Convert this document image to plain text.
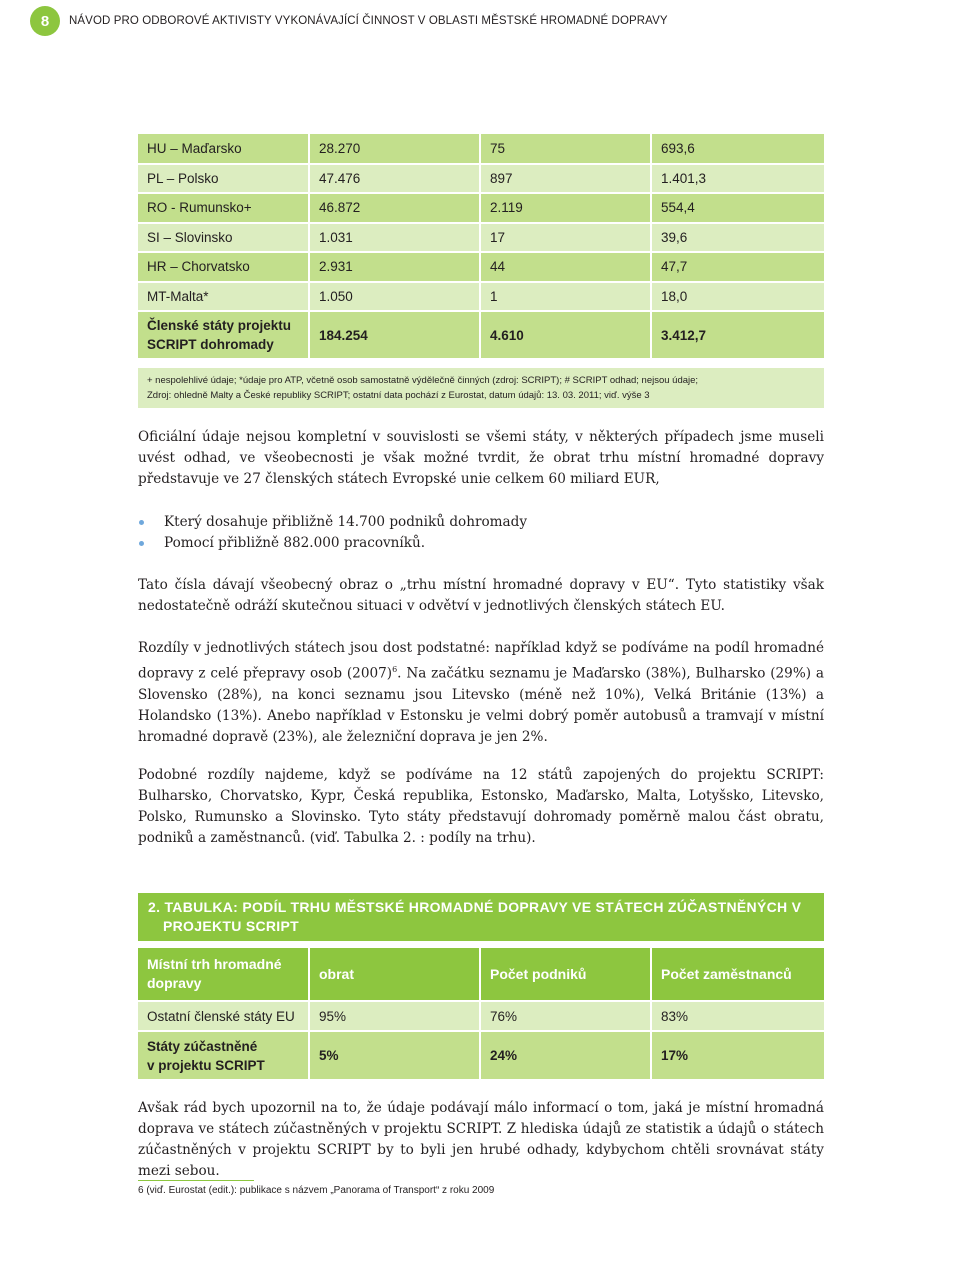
8	NÁVOD PRO ODBOROVÉ AKTIVISTY VYKONÁVAJÍCÍ ČINNOST V OBLASTI MĚSTSKÉ HROMADNÉ DOPRAVY
HU – Maďarsko	28.270	75	693,6
PL – Polsko	47.476	897	1.401,3
RO - Rumunsko+	46.872	2.119	554,4
SI – Slovinsko	1.031	17	39,6
HR – Chorvatsko	2.931	44	47,7
MT-Malta*	1.050	1	18,0

Členské státy projektu
SCRIPT dohromady	184.254	4.610	3.412,7
+ nespolehlivé údaje; *údaje pro ATP, včetně osob samostatně výdělečně činných (zdroj: SCRIPT); # SCRIPT odhad; nejsou údaje;
Zdroj: ohledně Malty a České republiky SCRIPT; ostatní data pochází z Eurostat, datum údajů: 13. 03. 2011; viď. výše 3

Oficiální údaje nejsou kompletní v souvislosti se všemi státy, v některých případech jsme museli uvést odhad, ve všeobecnosti je však možné tvrdit, že obrat trhu místní hromadné dopravy představuje ve 27 členských státech Evropské unie celkem 60 miliard EUR,

Který dosahuje přibližně 14.700 podniků dohromady
Pomocí přibližně 882.000 pracovníků.

Tato čísla dávají všeobecný obraz o „trhu místní hromadné dopravy v EU“. Tyto statistiky však nedostatečně odráží skutečnou situaci v odvětví v jednotlivých členských státech EU.

Rozdíly v jednotlivých státech jsou dost podstatné: například když se podíváme na podíl hromadné dopravy z celé přepravy osob $(2007)^6$. Na začátku seznamu je Maďarsko (38%), Bulharsko (29%) a Slovensko (28%), na konci seznamu jsou Litevsko (méně než 10%), Velká Británie (13%) a Holandsko (13%). Anebo například v Estonsku je velmi dobrý poměr autobusů a tramvají v místní hromadné dopravě (23%), ale železniční doprava je jen 2%.

Podobné rozdíly najdeme, když se podíváme na 12 států zapojených do projektu SCRIPT: Bulharsko, Chorvatsko, Kypr, Česká republika, Estonsko, Maďarsko, Malta, Lotyšsko, Litevsko, Polsko, Rumunsko a Slovinsko. Tyto státy představují dohromady poměrně malou část obratu, podniků a zaměstnanců. (viď. Tabulka 2. : podíly na trhu).

2. TABULKA: PODÍL TRHU MĚSTSKÉ HROMADNÉ DOPRAVY VE STÁTECH ZÚČASTNĚNÝCH V
PROJEKTU SCRIPT
Místní trh hromadné
dopravy	obrat	Počet podniků	Počet zaměstnanců
Ostatní členské státy EU	95%	76%	83%

Státy zúčastněné
v projektu SCRIPT	5%	24%	17%

Avšak rád bych upozornil na to, že údaje podávají málo informací o tom, jaká je místní hromadná doprava ve státech zúčastněných v projektu SCRIPT. Z hlediska údajů ze statistik a údajů o státech zúčastněných v projektu SCRIPT by to byli jen hrubé odhady, kdybychom chtěli srovnávat státy mezi sebou.

6 (viď. Eurostat (edit.): publikace s názvem „Panorama of Transport“ z roku 2009
